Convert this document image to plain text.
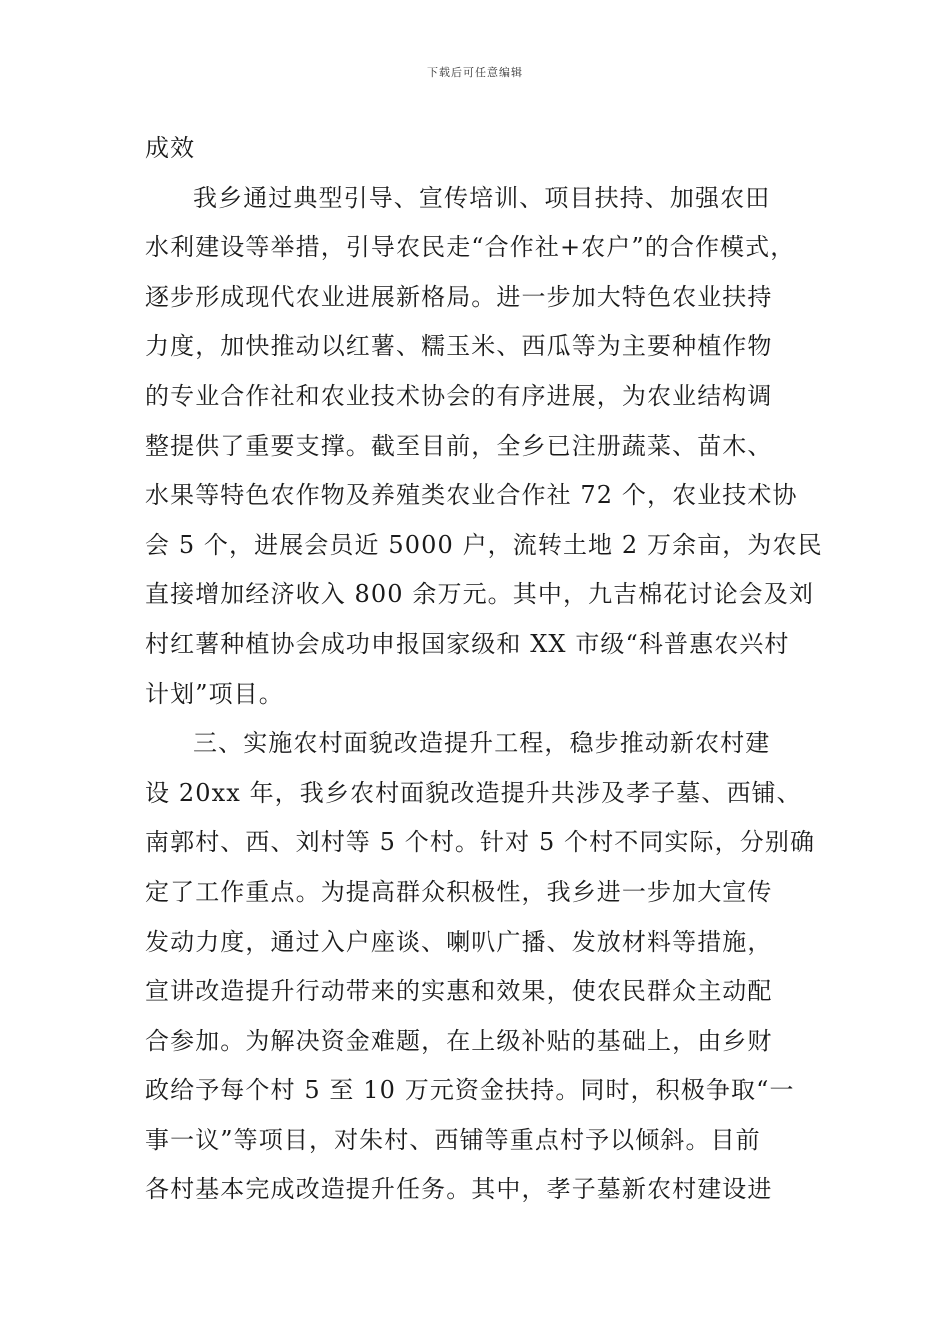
下载后可任意编辑
成效
我乡通过典型引导、宣传培训、项目扶持、加强农田
水利建设等举措，引导农民走“合作社+农户”的合作模式，
逐步形成现代农业进展新格局。进一步加大特色农业扶持
力度，加快推动以红薯、糯玉米、西瓜等为主要种植作物
的专业合作社和农业技术协会的有序进展，为农业结构调
整提供了重要支撑。截至目前，全乡已注册蔬菜、苗木、
水果等特色农作物及养殖类农业合作社 72 个，农业技术协
会 5 个，进展会员近 5000 户，流转土地 2 万余亩，为农民
直接增加经济收入 800 余万元。其中，九吉棉花讨论会及刘
村红薯种植协会成功申报国家级和 XX 市级“科普惠农兴村
计划”项目。
三、实施农村面貌改造提升工程，稳步推动新农村建
设 20xx 年，我乡农村面貌改造提升共涉及孝子墓、西铺、
南郭村、西、刘村等 5 个村。针对 5 个村不同实际，分别确
定了工作重点。为提高群众积极性，我乡进一步加大宣传
发动力度，通过入户座谈、喇叭广播、发放材料等措施，
宣讲改造提升行动带来的实惠和效果，使农民群众主动配
合参加。为解决资金难题，在上级补贴的基础上，由乡财
政给予每个村 5 至 10 万元资金扶持。同时，积极争取“一
事一议”等项目，对朱村、西铺等重点村予以倾斜。目前
各村基本完成改造提升任务。其中，孝子墓新农村建设进
